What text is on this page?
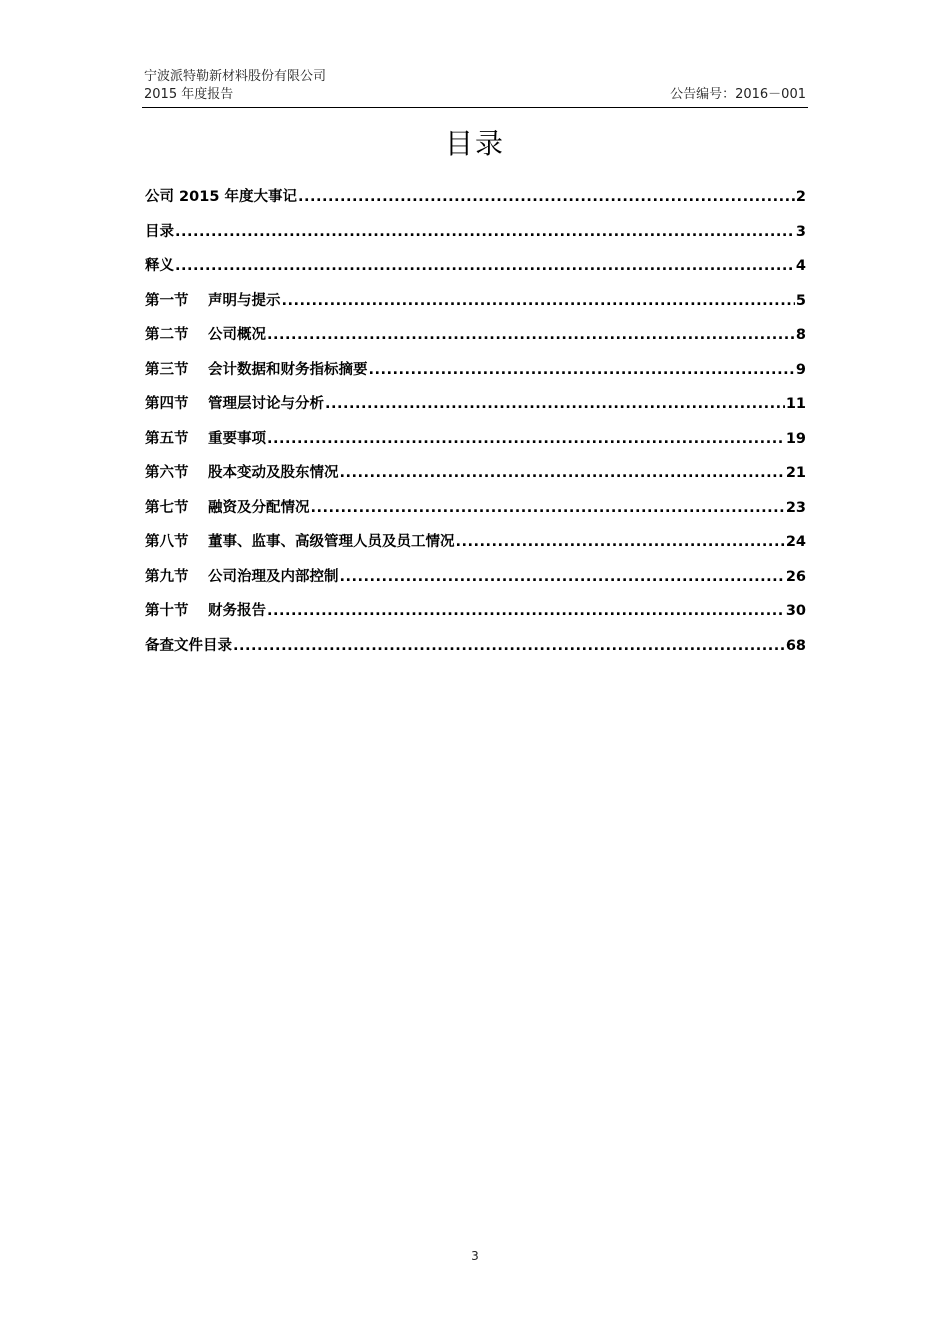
宁波派特勒新材料股份有限公司
2015 年度报告	公告编号：2016－001
目录
公司 2015 年度大事记 .....	2
目录 .....	3
释义 .....	4
第一节	声明与提示 .....	5
第二节	公司概况 .....	8
第三节	会计数据和财务指标摘要 .....	9
第四节	管理层讨论与分析 .....	11
第五节	重要事项 .....	19
第六节	股本变动及股东情况 .....	21
第七节	融资及分配情况 .....	23
第八节	董事、监事、高级管理人员及员工情况 .....	24
第九节	公司治理及内部控制 .....	26
第十节	财务报告 .....	30
备查文件目录 .....	68
3
